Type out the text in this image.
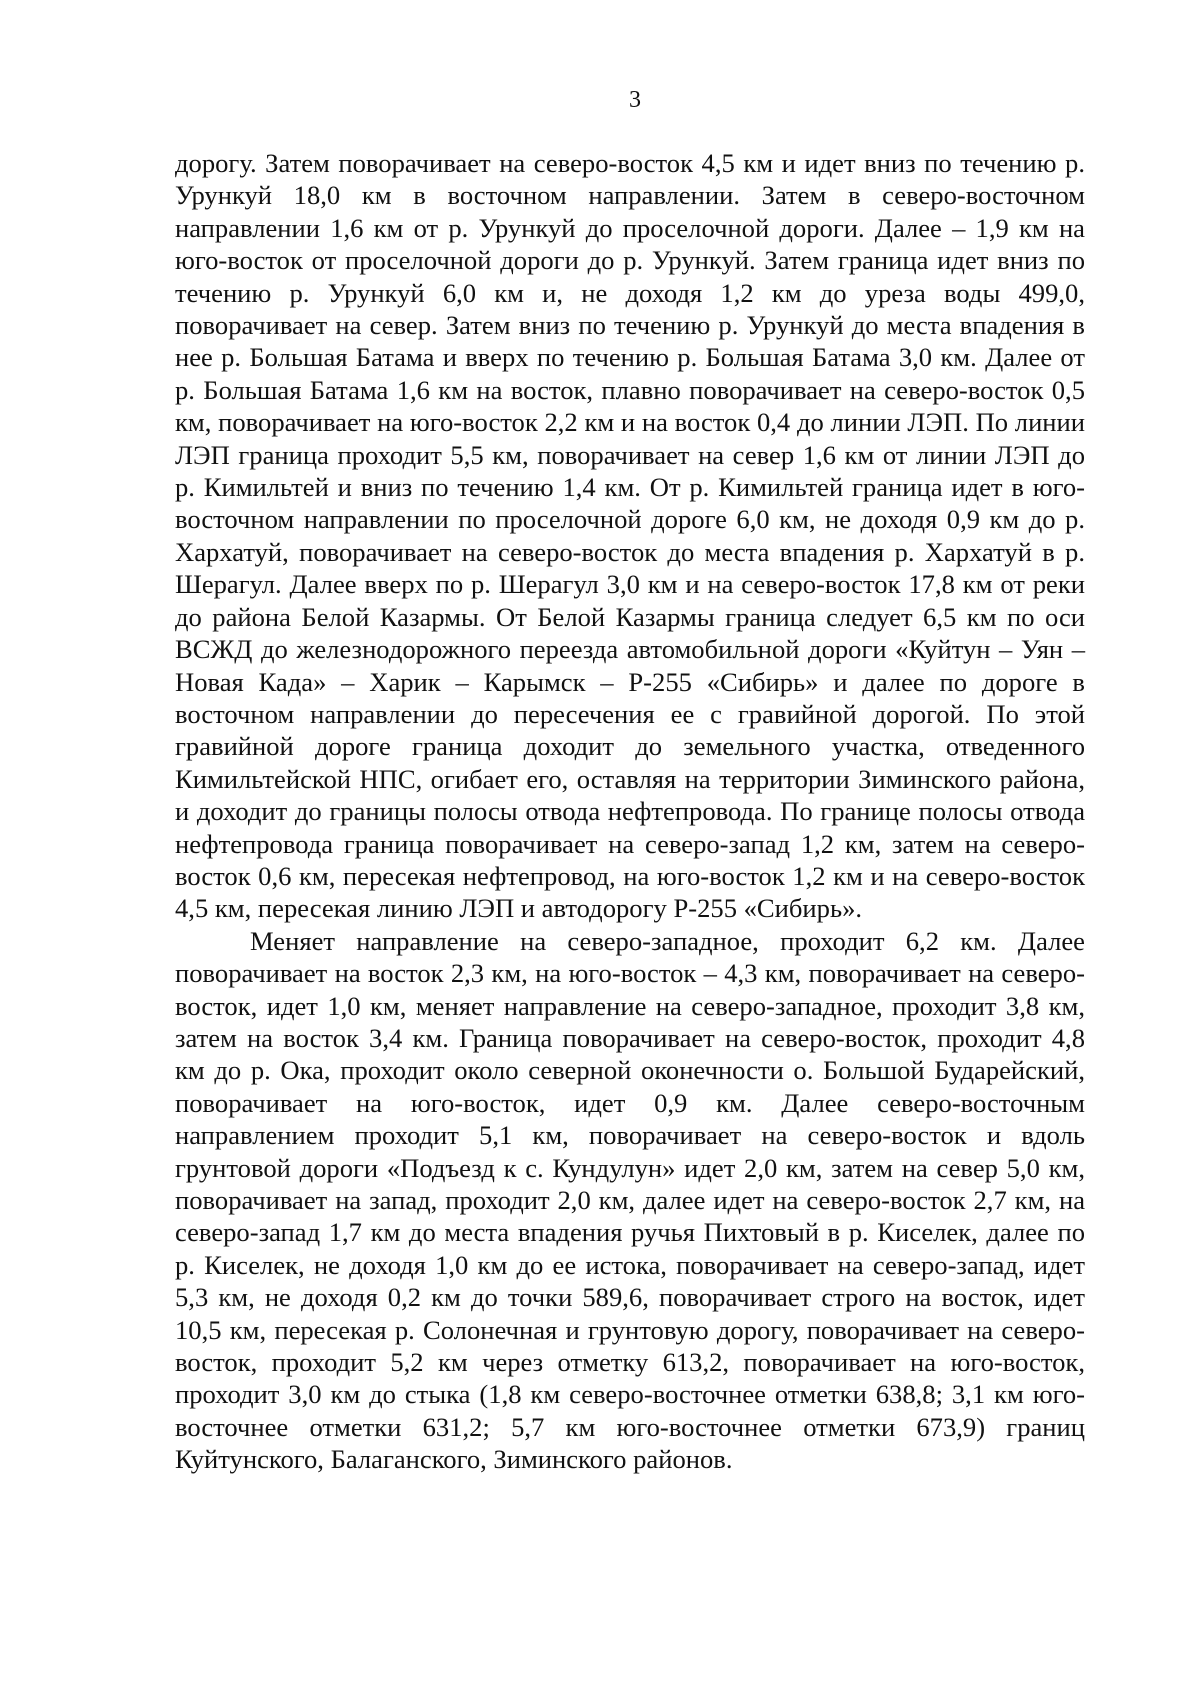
3

дорогу. Затем поворачивает на северо-восток 4,5 км и идет вниз по течению р. Урункуй 18,0 км в восточном направлении. Затем в северо-восточном направлении 1,6 км от р. Урункуй до проселочной дороги. Далее – 1,9 км на юго-восток от проселочной дороги до р. Урункуй. Затем граница идет вниз по течению р. Урункуй 6,0 км и, не доходя 1,2 км до уреза воды 499,0, поворачивает на север. Затем вниз по течению р. Урункуй до места впадения в нее р. Большая Батама и вверх по течению р. Большая Батама 3,0 км. Далее от р. Большая Батама 1,6 км на восток, плавно поворачивает на северо-восток 0,5 км, поворачивает на юго-восток 2,2 км и на восток 0,4 до линии ЛЭП. По линии ЛЭП граница проходит 5,5 км, поворачивает на север 1,6 км от линии ЛЭП до р. Кимильтей и вниз по течению 1,4 км. От р. Кимильтей граница идет в юго-восточном направлении по проселочной дороге 6,0 км, не доходя 0,9 км до р. Хархатуй, поворачивает на северо-восток до места впадения р. Хархатуй в р. Шерагул. Далее вверх по р. Шерагул 3,0 км и на северо-восток 17,8 км от реки до района Белой Казармы. От Белой Казармы граница следует 6,5 км по оси ВСЖД до железнодорожного переезда автомобильной дороги «Куйтун – Уян – Новая Када» – Харик – Карымск – Р-255 «Сибирь» и далее по дороге в восточном направлении до пересечения ее с гравийной дорогой. По этой гравийной дороге граница доходит до земельного участка, отведенного Кимильтейской НПС, огибает его, оставляя на территории Зиминского района, и доходит до границы полосы отвода нефтепровода. По границе полосы отвода нефтепровода граница поворачивает на северо-запад 1,2 км, затем на северо-восток 0,6 км, пересекая нефтепровод, на юго-восток 1,2 км и на северо-восток 4,5 км, пересекая линию ЛЭП и автодорогу Р-255 «Сибирь».

Меняет направление на северо-западное, проходит 6,2 км. Далее поворачивает на восток 2,3 км, на юго-восток – 4,3 км, поворачивает на северо-восток, идет 1,0 км, меняет направление на северо-западное, проходит 3,8 км, затем на восток 3,4 км. Граница поворачивает на северо-восток, проходит 4,8 км до р. Ока, проходит около северной оконечности о. Большой Бударейский, поворачивает на юго-восток, идет 0,9 км. Далее северо-восточным направлением проходит 5,1 км, поворачивает на северо-восток и вдоль грунтовой дороги «Подъезд к с. Кундулун» идет 2,0 км, затем на север 5,0 км, поворачивает на запад, проходит 2,0 км, далее идет на северо-восток 2,7 км, на северо-запад 1,7 км до места впадения ручья Пихтовый в р. Киселек, далее по р. Киселек, не доходя 1,0 км до ее истока, поворачивает на северо-запад, идет 5,3 км, не доходя 0,2 км до точки 589,6, поворачивает строго на восток, идет 10,5 км, пересекая р. Солонечная и грунтовую дорогу, поворачивает на северо-восток, проходит 5,2 км через отметку 613,2, поворачивает на юго-восток, проходит 3,0 км до стыка (1,8 км северо-восточнее отметки 638,8; 3,1 км юго-восточнее отметки 631,2; 5,7 км юго-восточнее отметки 673,9) границ Куйтунского, Балаганского, Зиминского районов.
